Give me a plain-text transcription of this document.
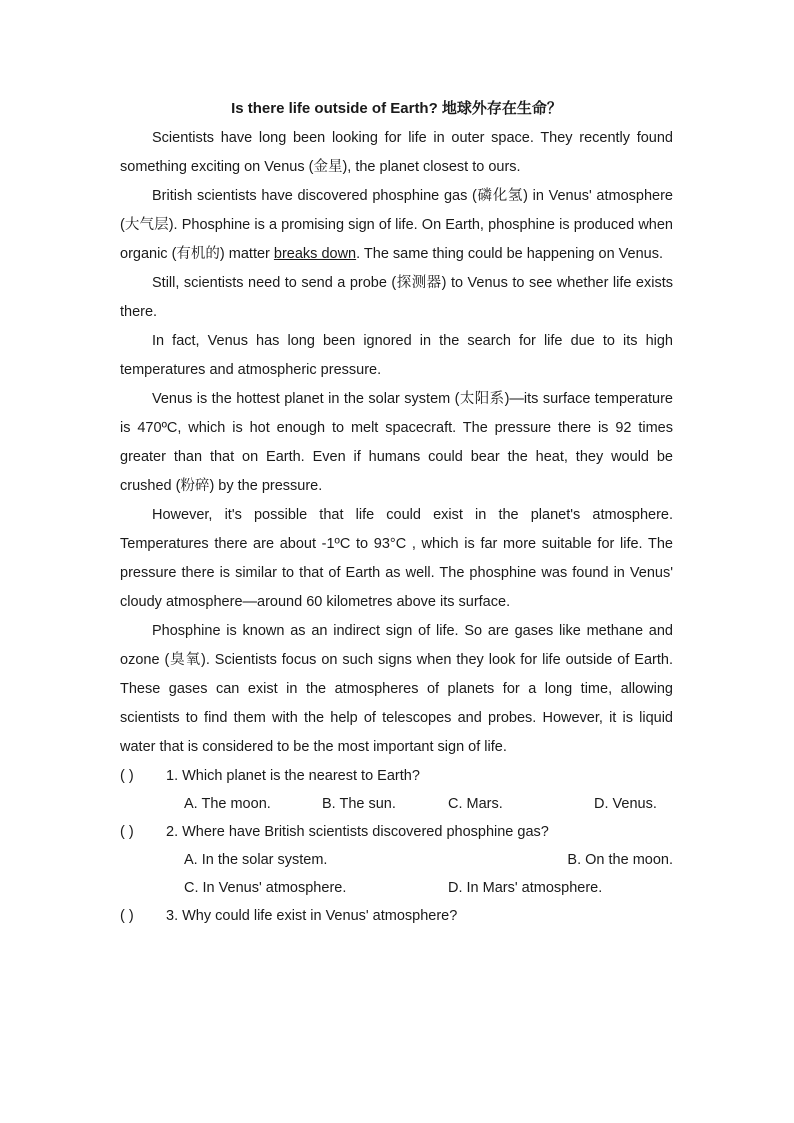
Is there life outside of Earth? 地球外存在生命？

Scientists have long been looking for life in outer space. They recently found something exciting on Venus (金星), the planet closest to ours.

British scientists have discovered phosphine gas (磷化氢) in Venus' atmosphere (大气层). Phosphine is a promising sign of life. On Earth, phosphine is produced when organic (有机的) matter breaks down. The same thing could be happening on Venus.

Still, scientists need to send a probe (探测器) to Venus to see whether life exists there.

In fact, Venus has long been ignored in the search for life due to its high temperatures and atmospheric pressure.

Venus is the hottest planet in the solar system (太阳系)—its surface temperature is 470ºC, which is hot enough to melt spacecraft. The pressure there is 92 times greater than that on Earth. Even if humans could bear the heat, they would be crushed (粉碎) by the pressure.

However, it's possible that life could exist in the planet's atmosphere. Temperatures there are about -1ºC to 93°C , which is far more suitable for life. The pressure there is similar to that of Earth as well. The phosphine was found in Venus' cloudy atmosphere—around 60 kilometres above its surface.

Phosphine is known as an indirect sign of life. So are gases like methane and ozone (臭氧). Scientists focus on such signs when they look for life outside of Earth. These gases can exist in the atmospheres of planets for a long time, allowing scientists to find them with the help of telescopes and probes. However, it is liquid water that is considered to be the most important sign of life.

( ) 1. Which planet is the nearest to Earth?
A. The moon.	B. The sun.	C. Mars.	D. Venus.
( ) 2. Where have British scientists discovered phosphine gas?
A. In the solar system.	B. On the moon.
C. In Venus' atmosphere.	D. In Mars' atmosphere.
( ) 3. Why could life exist in Venus' atmosphere?
